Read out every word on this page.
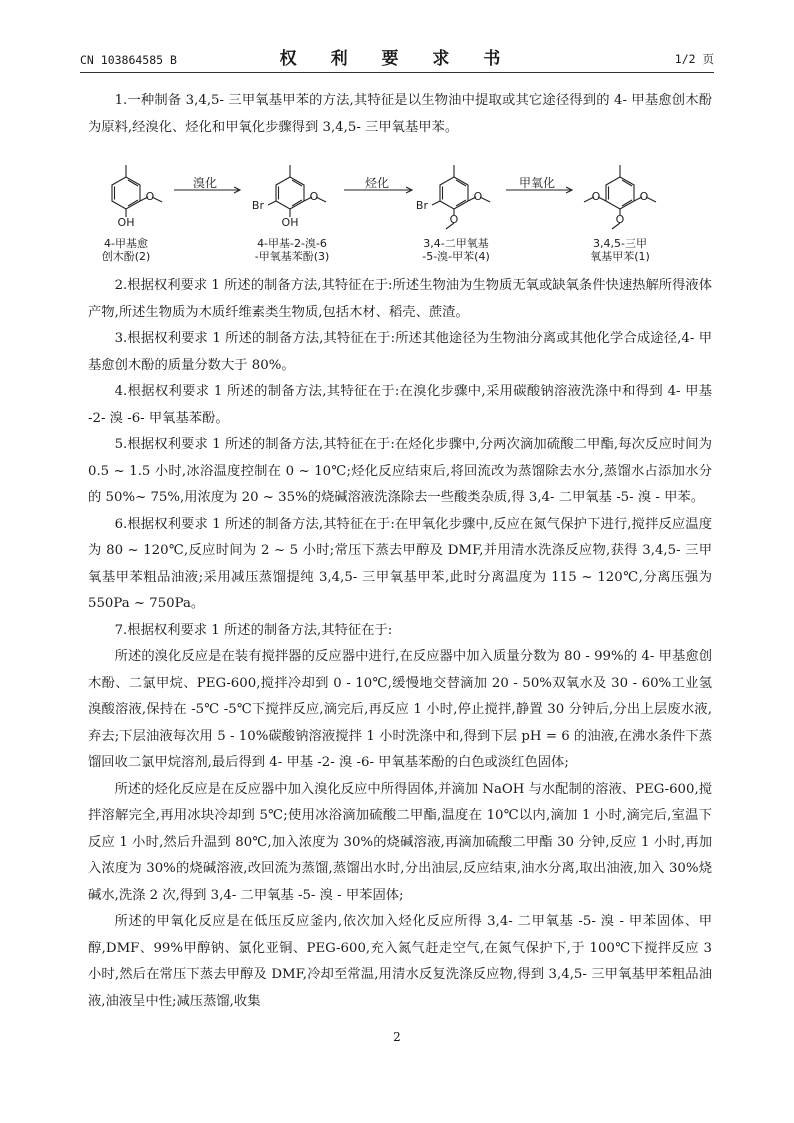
CN 103864585 B	权 利 要 求 书	1/2 页

1.一种制备 3,4,5- 三甲氧基甲苯的方法,其特征是以生物油中提取或其它途径得到的 4- 甲基愈创木酚为原料,经溴化、烃化和甲氧化步骤得到 3,4,5- 三甲氧基甲苯。

O
OH
O
Br
OH
O
Br
O
O
O
O
溴化	烃化	甲氧化
4-甲基愈
创木酚(2)
4-甲基-2-溴-6
-甲氧基苯酚(3)
3,4-二甲氧基
-5-溴-甲苯(4)
3,4,5-三甲
氧基甲苯(1)

2.根据权利要求 1 所述的制备方法,其特征在于:所述生物油为生物质无氧或缺氧条件快速热解所得液体产物,所述生物质为木质纤维素类生物质,包括木材、稻壳、蔗渣。

3.根据权利要求 1 所述的制备方法,其特征在于:所述其他途径为生物油分离或其他化学合成途径,4- 甲基愈创木酚的质量分数大于 80%。

4.根据权利要求 1 所述的制备方法,其特征在于:在溴化步骤中,采用碳酸钠溶液洗涤中和得到 4- 甲基 -2- 溴 -6- 甲氧基苯酚。

5.根据权利要求 1 所述的制备方法,其特征在于:在烃化步骤中,分两次滴加硫酸二甲酯,每次反应时间为 0.5 ~ 1.5 小时,冰浴温度控制在 0 ~ 10℃;烃化反应结束后,将回流改为蒸馏除去水分,蒸馏水占添加水分的 50%~ 75%,用浓度为 20 ~ 35%的烧碱溶液洗涤除去一些酸类杂质,得 3,4- 二甲氧基 -5- 溴 - 甲苯。

6.根据权利要求 1 所述的制备方法,其特征在于:在甲氧化步骤中,反应在氮气保护下进行,搅拌反应温度为 80 ~ 120℃,反应时间为 2 ~ 5 小时;常压下蒸去甲醇及 DMF,并用清水洗涤反应物,获得 3,4,5- 三甲氧基甲苯粗品油液;采用减压蒸馏提纯 3,4,5- 三甲氧基甲苯,此时分离温度为 115 ~ 120℃,分离压强为 550Pa ~ 750Pa。

7.根据权利要求 1 所述的制备方法,其特征在于:

所述的溴化反应是在装有搅拌器的反应器中进行,在反应器中加入质量分数为 80 - 99%的 4- 甲基愈创木酚、二氯甲烷、PEG-600,搅拌冷却到 0 - 10℃,缓慢地交替滴加 20 - 50%双氧水及 30 - 60%工业氢溴酸溶液,保持在 -5℃ -5℃下搅拌反应,滴完后,再反应 1 小时,停止搅拌,静置 30 分钟后,分出上层废水液,弃去;下层油液每次用 5 - 10%碳酸钠溶液搅拌 1 小时洗涤中和,得到下层 pH = 6 的油液,在沸水条件下蒸馏回收二氯甲烷溶剂,最后得到 4- 甲基 -2- 溴 -6- 甲氧基苯酚的白色或淡红色固体;

所述的烃化反应是在反应器中加入溴化反应中所得固体,并滴加 NaOH 与水配制的溶液、PEG-600,搅拌溶解完全,再用冰块冷却到 5℃;使用冰浴滴加硫酸二甲酯,温度在 10℃以内,滴加 1 小时,滴完后,室温下反应 1 小时,然后升温到 80℃,加入浓度为 30%的烧碱溶液,再滴加硫酸二甲酯 30 分钟,反应 1 小时,再加入浓度为 30%的烧碱溶液,改回流为蒸馏,蒸馏出水时,分出油层,反应结束,油水分离,取出油液,加入 30%烧碱水,洗涤 2 次,得到 3,4- 二甲氧基 -5- 溴 - 甲苯固体;

所述的甲氧化反应是在低压反应釜内,依次加入烃化反应所得 3,4- 二甲氧基 -5- 溴 - 甲苯固体、甲醇,DMF、99%甲醇钠、氯化亚铜、PEG-600,充入氮气赶走空气,在氮气保护下,于 100℃下搅拌反应 3 小时,然后在常压下蒸去甲醇及 DMF,冷却至常温,用清水反复洗涤反应物,得到 3,4,5- 三甲氧基甲苯粗品油液,油液呈中性;减压蒸馏,收集

2
